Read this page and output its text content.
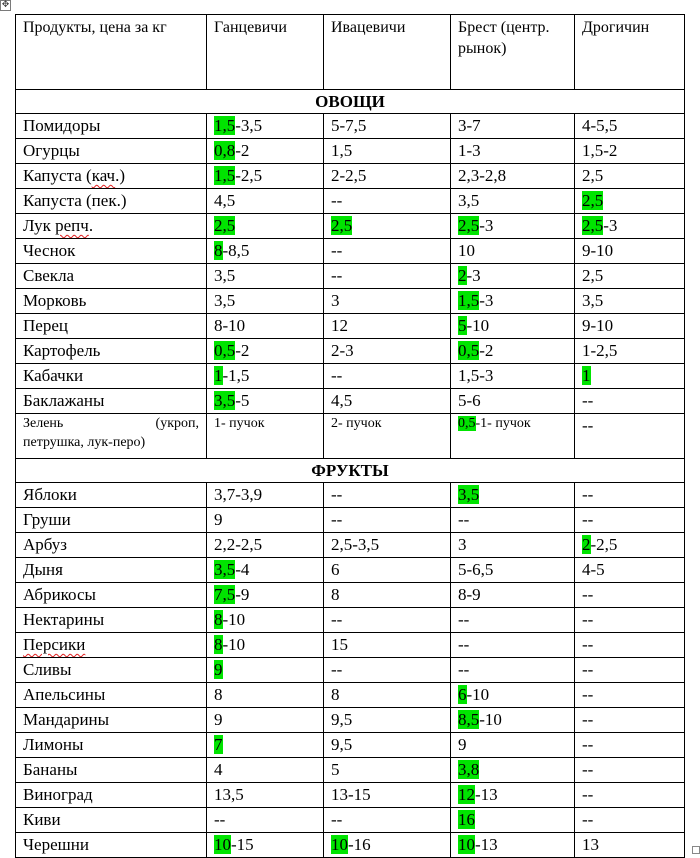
✥
Продукты, цена за кг	Ганцевичи	Ивацевичи	Брест (центр. рынок)	Дрогичин
ОВОЩИ				
Помидоры	1,5-3,5	5-7,5	3-7	4-5,5
Огурцы	0,8-2	1,5	1-3	1,5-2
Капуста (кач.)	1,5-2,5	2-2,5	2,3-2,8	2,5
Капуста (пек.)	4,5	--	3,5	2,5
Лук репч.	2,5	2,5	2,5-3	2,5-3
Чеснок	8-8,5	--	10	9-10
Свекла	3,5	--	2-3	2,5
Морковь	3,5	3	1,5-3	3,5
Перец	8-10	12	5-10	9-10
Картофель	0,5-2	2-3	0,5-2	1-2,5
Кабачки	1-1,5	--	1,5-3	1
Баклажаны	3,5-5	4,5	5-6	--

Зелень (укроп,
петрушка, лук-перо)	1- пучок	2- пучок	0,5-1- пучок	--
ФРУКТЫ				
Яблоки	3,7-3,9	--	3,5	--
Груши	9	--	--	--
Арбуз	2,2-2,5	2,5-3,5	3	2-2,5
Дыня	3,5-4	6	5-6,5	4-5
Абрикосы	7,5-9	8	8-9	--
Нектарины	8-10	--	--	--
Персики	8-10	15	--	--
Сливы	9	--	--	--
Апельсины	8	8	6-10	--
Мандарины	9	9,5	8,5-10	--
Лимоны	7	9,5	9	--
Бананы	4	5	3,8	--
Виноград	13,5	13-15	12-13	--
Киви	--	--	16	--
Черешни	10-15	10-16	10-13	13
